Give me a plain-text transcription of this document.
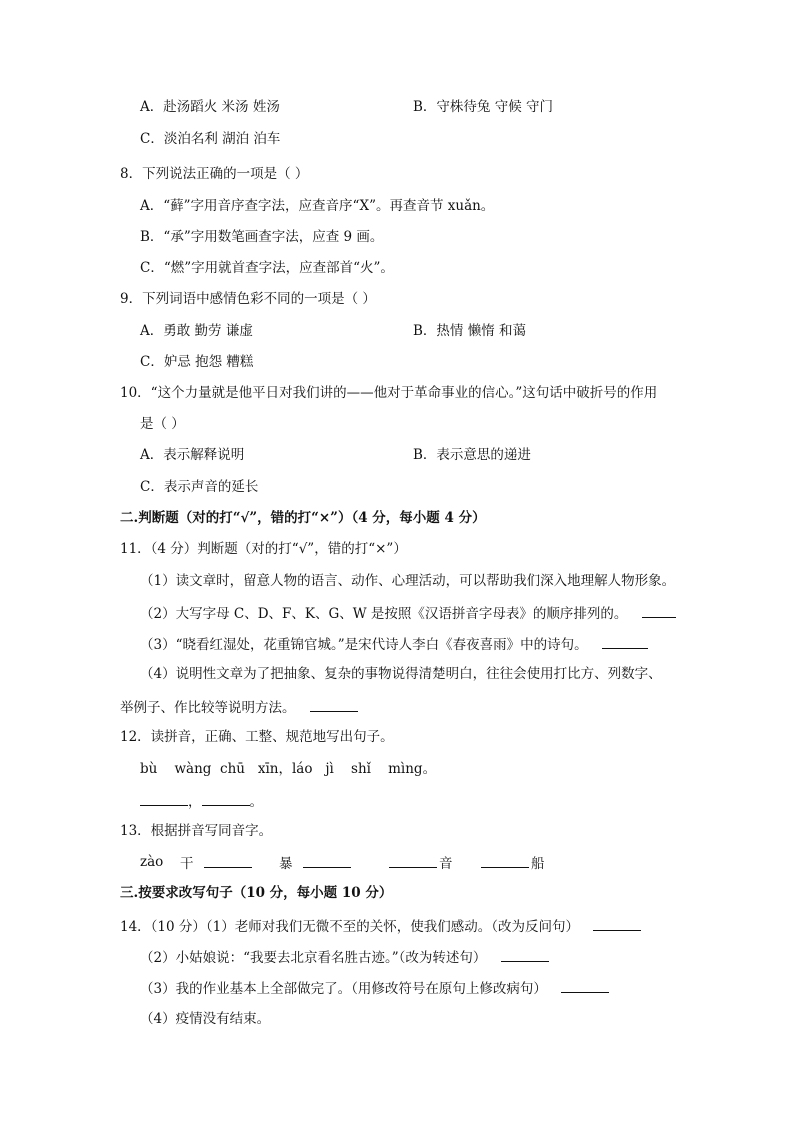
A．赴汤蹈火 米汤 姓汤	B．守株待兔 守候 守门
C．淡泊名利 湖泊 泊车
8．下列说法正确的一项是（ ）
A．“藓”字用音序查字法，应查音序“X”。再查音节 xuǎn。
B．“承”字用数笔画查字法，应查 9 画。
C．“燃”字用就首查字法，应查部首“火”。
9．下列词语中感情色彩不同的一项是（ ）
A．勇敢 勤劳 谦虚	B．热情 懒惰 和蔼
C．妒忌 抱怨 糟糕
10．“这个力量就是他平日对我们讲的——他对于革命事业的信心。”这句话中破折号的作用
是（ ）
A．表示解释说明	B．表示意思的递进
C．表示声音的延长
二.判断题（对的打“√”，错的打“×”）（4 分，每小题 4 分）
11．（4 分）判断题（对的打“√”，错的打“×”）
（1）读文章时，留意人物的语言、动作、心理活动，可以帮助我们深入地理解人物形象。
（2）大写字母 C、D、F、K、G、W 是按照《汉语拼音字母表》的顺序排列的。
（3）“晓看红湿处，花重锦官城。”是宋代诗人李白《春夜喜雨》中的诗句。
（4）说明性文章为了把抽象、复杂的事物说得清楚明白，往往会使用打比方、列数字、
举例子、作比较等说明方法。
12．读拼音，正确、工整、规范地写出句子。
bù    wàng  chū   xīn，láo   jì    shǐ    mìng。
，	。
13．根据拼音写同音字。
zào 干	暴	音	船
三.按要求改写句子（10 分，每小题 10 分）
14．（10 分）（1）老师对我们无微不至的关怀，使我们感动。（改为反问句）
（2）小姑娘说：“我要去北京看名胜古迹。”（改为转述句）
（3）我的作业基本上全部做完了。（用修改符号在原句上修改病句）
（4）疫情没有结束。
